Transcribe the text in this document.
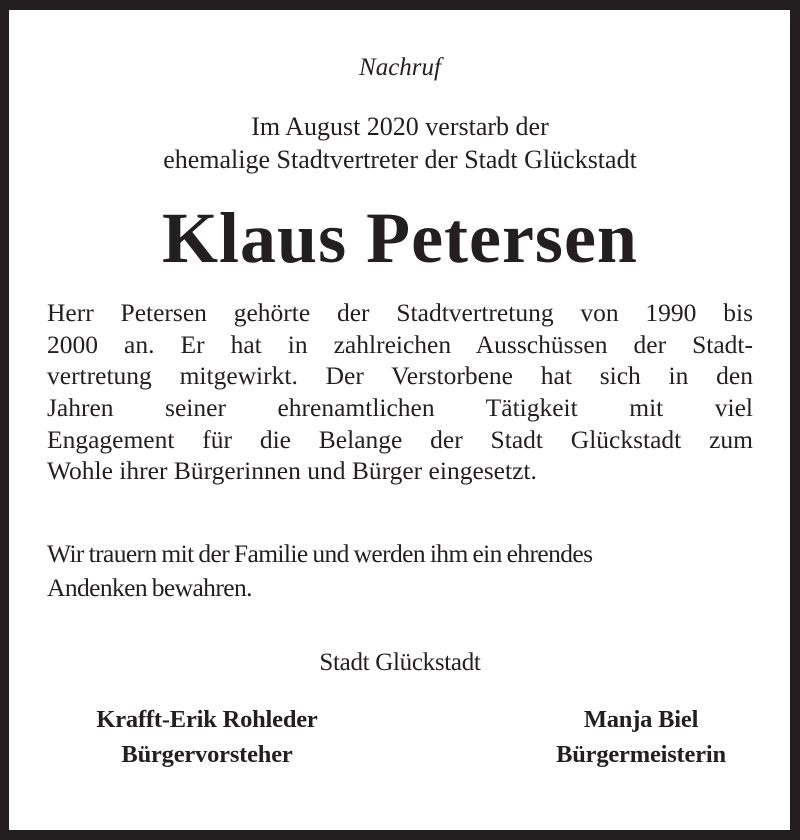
Nachruf
Im August 2020 verstarb der
ehemalige Stadtvertreter der Stadt Glückstadt
Klaus Petersen
Herr Petersen gehörte der Stadtvertretung von 1990 bis
2000 an. Er hat in zahlreichen Ausschüssen der Stadt-
vertretung mitgewirkt. Der Verstorbene hat sich in den
Jahren seiner ehrenamtlichen Tätigkeit mit viel
Engagement für die Belange der Stadt Glückstadt zum
Wohle ihrer Bürgerinnen und Bürger eingesetzt.
Wir trauern mit der Familie und werden ihm ein ehrendes
Andenken bewahren.
Stadt Glückstadt
Krafft-Erik Rohleder
Bürgervorsteher
Manja Biel
Bürgermeisterin
